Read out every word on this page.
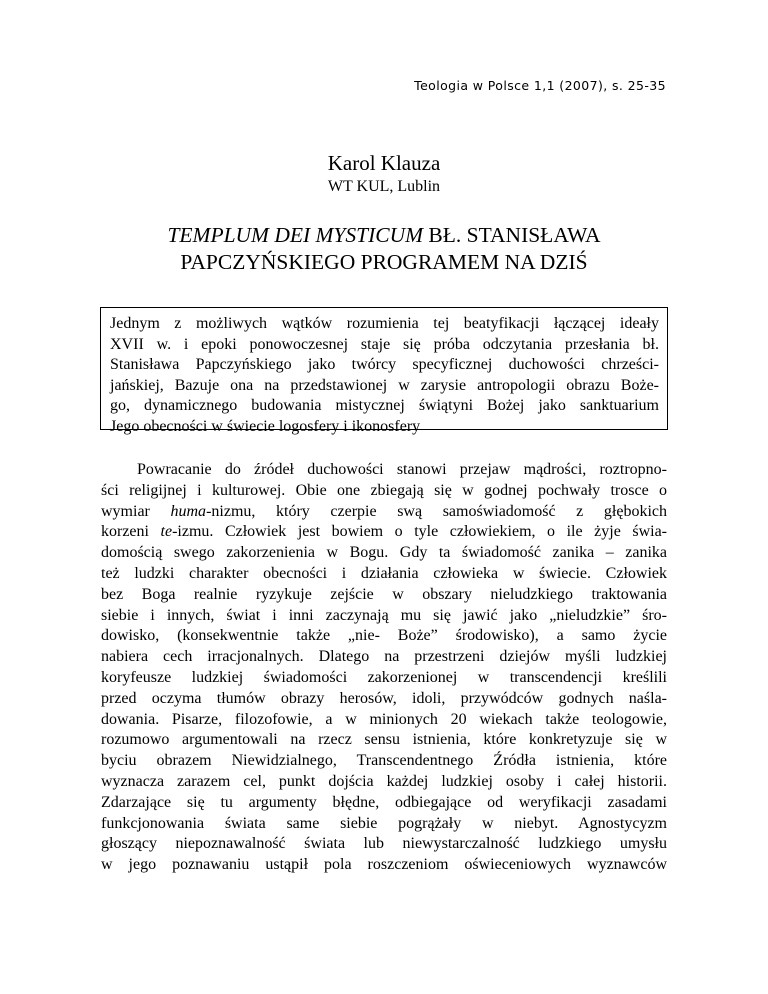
Teologia w Polsce 1,1 (2007), s. 25-35
Karol Klauza
WT KUL, Lublin
TEMPLUM DEI MYSTICUM BŁ. STANISŁAWA
PAPCZYŃSKIEGO PROGRAMEM NA DZIŚ
Jednym z możliwych wątków rozumienia tej beatyfikacji łączącej ideały
XVII w. i epoki ponowoczesnej staje się próba odczytania przesłania bł.
Stanisława Papczyńskiego jako twórcy specyficznej duchowości chrześci-
jańskiej, Bazuje ona na przedstawionej w zarysie antropologii obrazu Boże-
go, dynamicznego budowania mistycznej świątyni Bożej jako sanktuarium
Jego obecności w świecie logosfery i ikonosfery
Powracanie do źródeł duchowości stanowi przejaw mądrości, roztropno-
ści religijnej i kulturowej. Obie one zbiegają się w godnej pochwały trosce o
wymiar huma-nizmu, który czerpie swą samoświadomość z głębokich
korzeni te-izmu. Człowiek jest bowiem o tyle człowiekiem, o ile żyje świa-
domością swego zakorzenienia w Bogu. Gdy ta świadomość zanika – zanika
też ludzki charakter obecności i działania człowieka w świecie. Człowiek
bez Boga realnie ryzykuje zejście w obszary nieludzkiego traktowania
siebie i innych, świat i inni zaczynają mu się jawić jako „nieludzkie” śro-
dowisko, (konsekwentnie także „nie- Boże” środowisko), a samo życie
nabiera cech irracjonalnych. Dlatego na przestrzeni dziejów myśli ludzkiej
koryfeusze ludzkiej świadomości zakorzenionej w transcendencji kreślili
przed oczyma tłumów obrazy herosów, idoli, przywódców godnych naśla-
dowania. Pisarze, filozofowie, a w minionych 20 wiekach także teologowie,
rozumowo argumentowali na rzecz sensu istnienia, które konkretyzuje się w
byciu obrazem Niewidzialnego, Transcendentnego Źródła istnienia, które
wyznacza zarazem cel, punkt dojścia każdej ludzkiej osoby i całej historii.
Zdarzające się tu argumenty błędne, odbiegające od weryfikacji zasadami
funkcjonowania świata same siebie pogrążały w niebyt. Agnostycyzm
głoszący niepoznawalność świata lub niewystarczalność ludzkiego umysłu
w jego poznawaniu ustąpił pola roszczeniom oświeceniowych wyznawców
